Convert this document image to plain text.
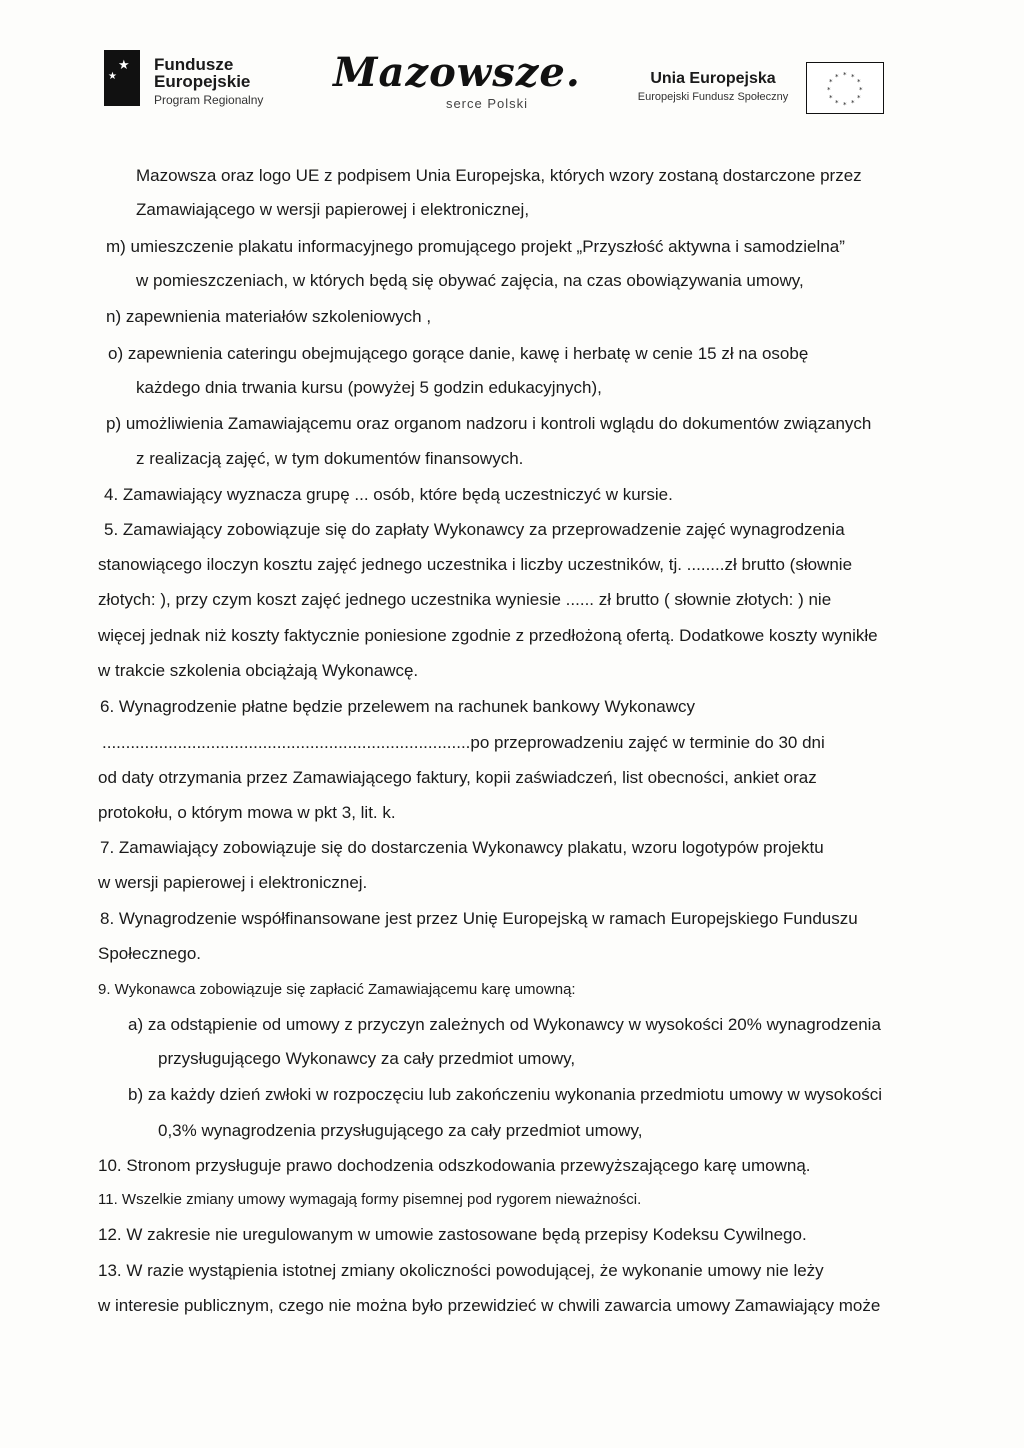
★
★
Fundusze
Europejskie
Program Regionalny
Mazowsze.
serce Polski
Unia Europejska
Europejski Fundusz Społeczny
* *
*
*
*
*
*
*
*
*
*
*
Mazowsza oraz logo UE z podpisem Unia Europejska, których wzory zostaną dostarczone przez
Zamawiającego w wersji papierowej i elektronicznej,
m) umieszczenie plakatu informacyjnego promującego projekt „Przyszłość aktywna i samodzielna”
w pomieszczeniach, w których będą się obywać zajęcia, na czas obowiązywania umowy,
n) zapewnienia materiałów szkoleniowych ,
o) zapewnienia cateringu obejmującego gorące danie, kawę i herbatę w cenie 15 zł na osobę
każdego dnia trwania kursu (powyżej 5 godzin edukacyjnych),
p) umożliwienia Zamawiającemu oraz organom nadzoru i kontroli wglądu do dokumentów związanych
z realizacją zajęć, w tym dokumentów finansowych.
4. Zamawiający wyznacza grupę ... osób, które będą uczestniczyć w kursie.
5. Zamawiający zobowiązuje się do zapłaty Wykonawcy za przeprowadzenie zajęć wynagrodzenia
stanowiącego iloczyn kosztu zajęć jednego uczestnika i liczby uczestników, tj. ........zł brutto (słownie
złotych: ), przy czym koszt zajęć jednego uczestnika wyniesie ...... zł brutto ( słownie złotych: ) nie
więcej jednak niż koszty faktycznie poniesione zgodnie z przedłożoną ofertą. Dodatkowe koszty wynikłe
w trakcie szkolenia obciążają Wykonawcę.
6. Wynagrodzenie płatne będzie przelewem na rachunek bankowy Wykonawcy
..............................................................................po przeprowadzeniu zajęć w terminie do 30 dni
od daty otrzymania przez Zamawiającego faktury, kopii zaświadczeń, list obecności, ankiet oraz
protokołu, o którym mowa w pkt 3, lit. k.
7. Zamawiający zobowiązuje się do dostarczenia Wykonawcy plakatu, wzoru logotypów projektu
w wersji papierowej i elektronicznej.
8. Wynagrodzenie współfinansowane jest przez Unię Europejską w ramach Europejskiego Funduszu
Społecznego.
9. Wykonawca zobowiązuje się zapłacić Zamawiającemu karę umowną:
a) za odstąpienie od umowy z przyczyn zależnych od Wykonawcy w wysokości 20% wynagrodzenia
przysługującego Wykonawcy za cały przedmiot umowy,
b) za każdy dzień zwłoki w rozpoczęciu lub zakończeniu wykonania przedmiotu umowy w wysokości
0,3% wynagrodzenia przysługującego za cały przedmiot umowy,
10. Stronom przysługuje prawo dochodzenia odszkodowania przewyższającego karę umowną.
11. Wszelkie zmiany umowy wymagają formy pisemnej pod rygorem nieważności.
12. W zakresie nie uregulowanym w umowie zastosowane będą przepisy Kodeksu Cywilnego.
13. W razie wystąpienia istotnej zmiany okoliczności powodującej, że wykonanie umowy nie leży
w interesie publicznym, czego nie można było przewidzieć w chwili zawarcia umowy Zamawiający może
